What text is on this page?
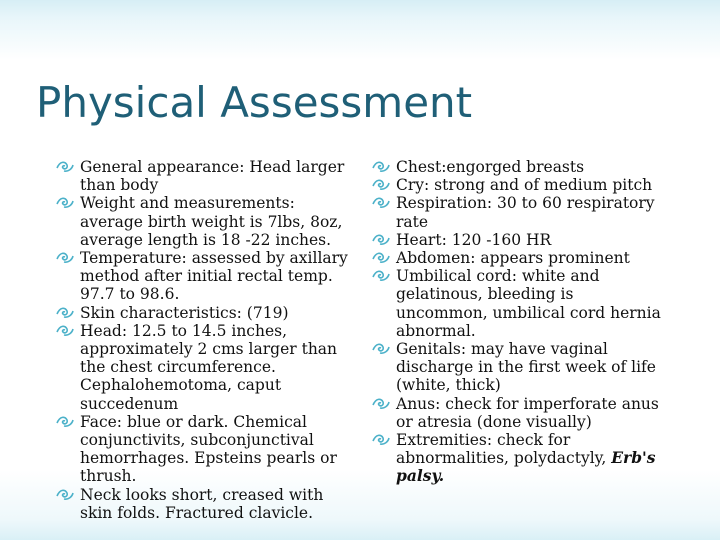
Physical Assessment
General appearance: Head larger than body
Weight and measurements: average birth weight is 7lbs, 8oz, average length is 18 -22 inches.
Temperature: assessed by axillary method after initial rectal temp. 97.7 to 98.6.
Skin characteristics: (719)
Head: 12.5 to 14.5 inches, approximately 2 cms larger than the chest circumference. Cephalohemotoma, caput succedenum
Face: blue or dark. Chemical conjunctivits, subconjunctival hemorrhages. Epsteins pearls or thrush.
Neck looks short, creased with skin folds. Fractured clavicle.
Chest:engorged breasts
Cry: strong and of medium pitch
Respiration: 30 to 60 respiratory rate
Heart: 120 -160 HR
Abdomen: appears prominent
Umbilical cord: white and gelatinous, bleeding is uncommon, umbilical cord hernia abnormal.
Genitals: may have vaginal discharge in the first week of life (white, thick)
Anus: check for imperforate anus or atresia (done visually)
Extremities: check for abnormalities, polydactyly, Erb's palsy.
